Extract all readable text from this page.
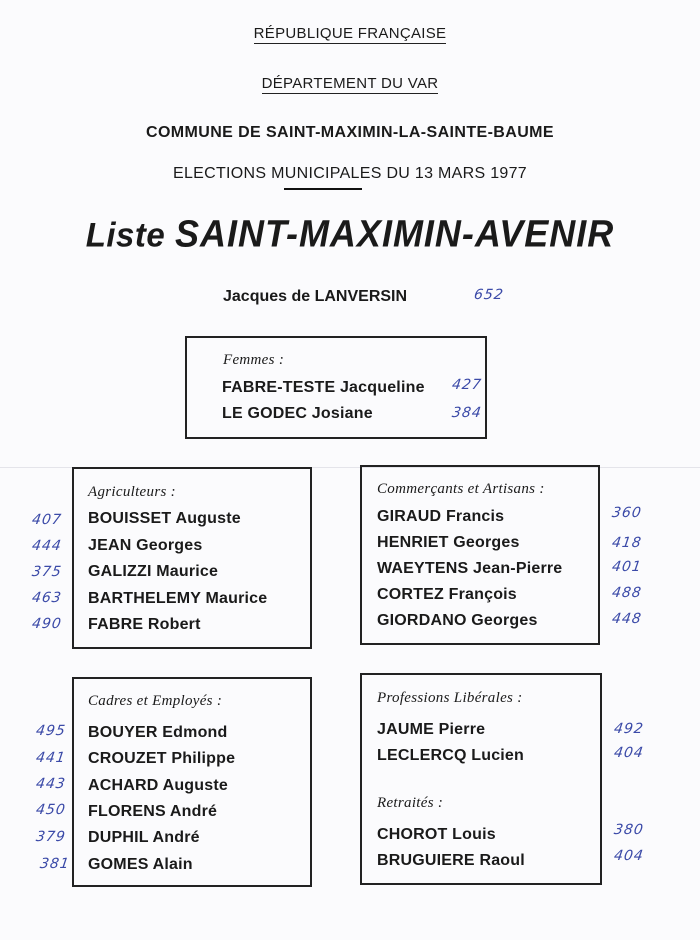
RÉPUBLIQUE FRANÇAISE
DÉPARTEMENT DU VAR
COMMUNE DE SAINT-MAXIMIN-LA-SAINTE-BAUME
ELECTIONS MUNICIPALES DU 13 MARS 1977
Liste SAINT-MAXIMIN-AVENIR
Jacques de LANVERSIN	652
Femmes :
FABRE-TESTE Jacqueline 427
LE GODEC Josiane	384
Agriculteurs :
BOUISSET Auguste
JEAN Georges
GALIZZI Maurice
BARTHELEMY Maurice
FABRE Robert
407
444
375
463
490
Commerçants et Artisans :
GIRAUD Francis
HENRIET Georges
WAEYTENS Jean-Pierre
CORTEZ François
GIORDANO Georges
360
418
401
488
448
Cadres et Employés :
BOUYER Edmond
CROUZET Philippe
ACHARD Auguste
FLORENS André
DUPHIL André
GOMES Alain
495
441
443
450
379
381
Professions Libérales :
JAUME Pierre
LECLERCQ Lucien
492
404
Retraités :
CHOROT Louis
BRUGUIERE Raoul
380
404
